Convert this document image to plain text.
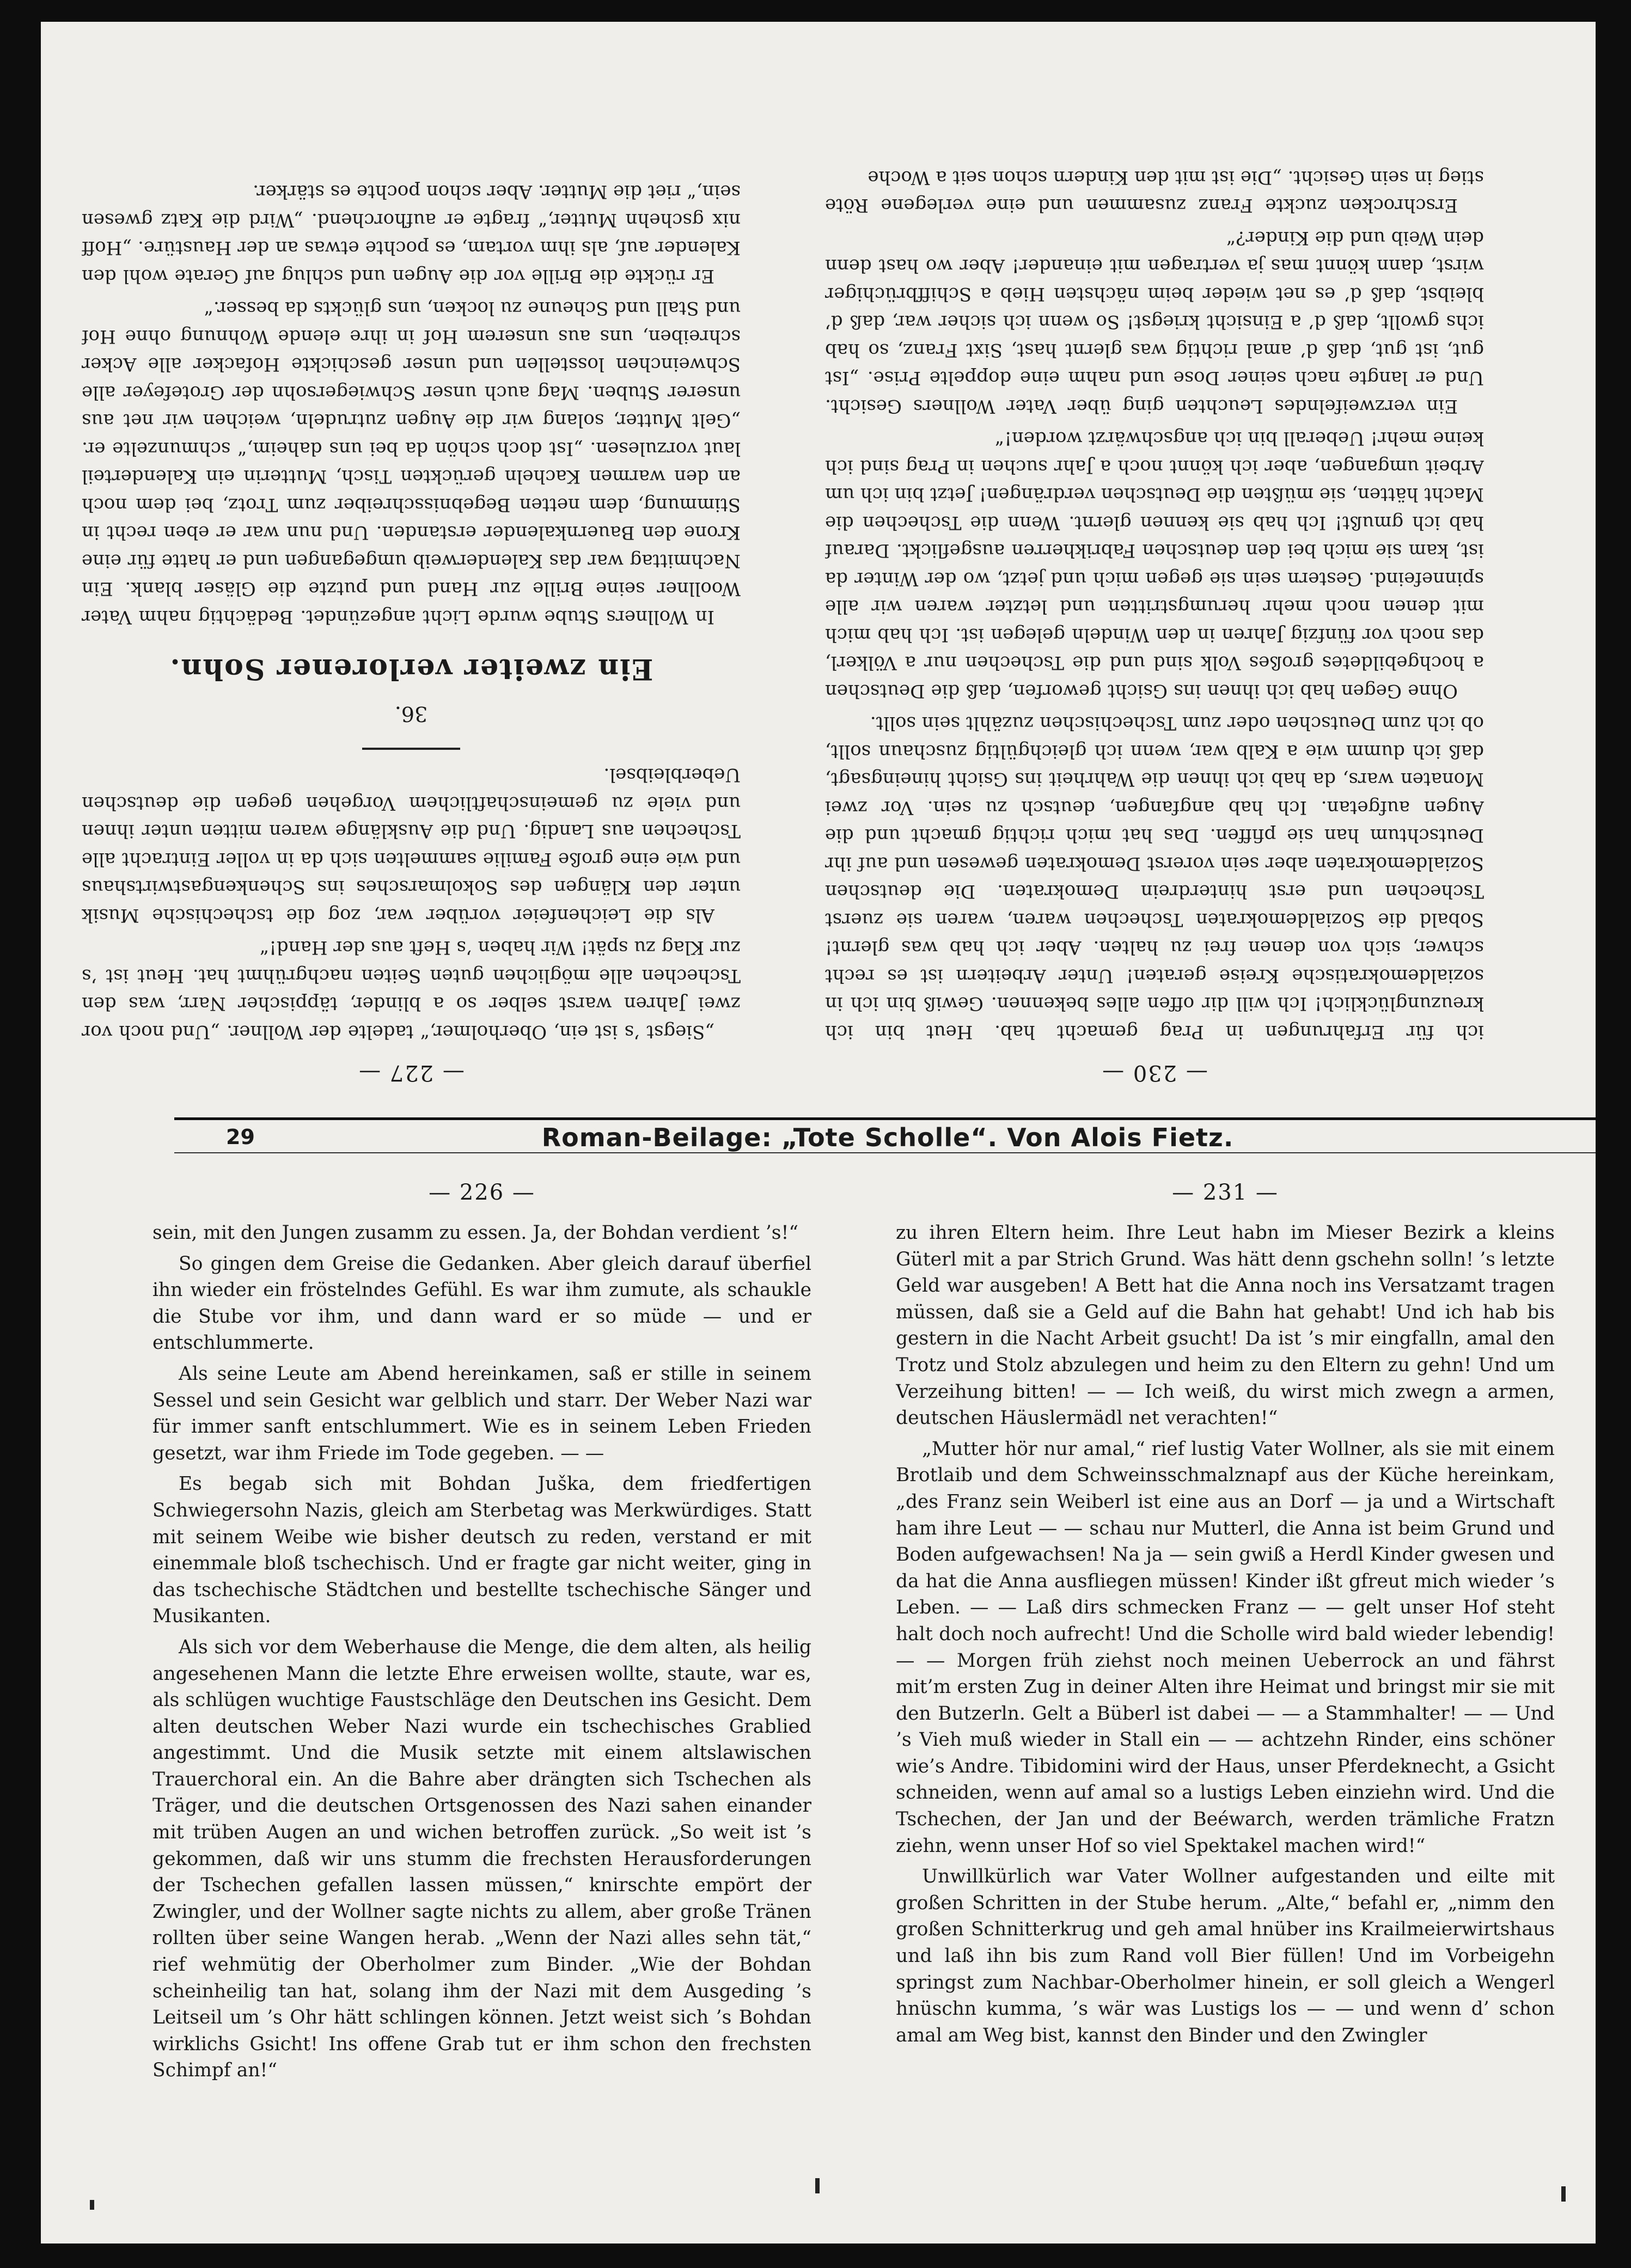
— 230 —

ich für Erfahrungen in Prag gemacht hab. Heut bin ich kreuzunglücklich! Ich will dir offen alles bekennen. Gewiß bin ich in sozialdemokratische Kreise geraten! Unter Arbeitern ist es recht schwer, sich von denen frei zu halten. Aber ich hab was glernt! Sobald die Sozialdemokraten Tschechen waren, waren sie zuerst Tschechen und erst hinterdrein Demokraten. Die deutschen Sozialdemokraten aber sein vorerst Demokraten gewesen und auf ihr Deutschtum han sie pfiffen. Das hat mich richtig gmacht und die Augen aufgetan. Ich hab angfangen, deutsch zu sein. Vor zwei Monaten wars, da hab ich ihnen die Wahrheit ins Gsicht hineingsagt, daß ich dumm wie a Kalb war, wenn ich gleichgültig zuschaun sollt, ob ich zum Deutschen oder zum Tschechischen zuzählt sein sollt.

Ohne Gegen hab ich ihnen ins Gsicht geworfen, daß die Deutschen a hochgebildetes großes Volk sind und die Tschechen nur a Völkerl, das noch vor fünfzig Jahren in den Windeln gelegen ist. Ich hab mich mit denen noch mehr herumgstritten und letzter waren wir alle spinnefeind. Gestern sein sie gegen mich und jetzt, wo der Winter da ist, kam sie mich bei den deutschen Fabrikherren ausgeflickt. Darauf hab ich gmußt! Ich hab sie kennen glernt. Wenn die Tschechen die Macht hätten, sie müßten die Deutschen verdrängen! Jetzt bin ich um Arbeit umgangen, aber ich könnt noch a Jahr suchen in Prag sind ich keine mehr! Ueberall bin ich angschwärzt worden!“

Ein verzweifelndes Leuchten ging über Vater Wollners Gesicht. Und er langte nach seiner Dose und nahm eine doppelte Prise. „Ist gut, ist gut, daß d’ amal richtig was glernt hast, Sixt Franz, so hab ichs gwollt, daß d’ a Einsicht kriegst! So wenn ich sicher war, daß d’ bleibst, daß d’ es net wieder beim nächsten Hieb a Schiffbrüchiger wirst, dann könnt mas ja vertragen mit einander! Aber wo hast denn dein Weib und die Kinder?“

Erschrocken zuckte Franz zusammen und eine verlegene Röte stieg in sein Gesicht. „Die ist mit den Kindern schon seit a Woche

— 227 —

„Siegst ’s ist ein, Oberholmer,“ tadelte der Wollner. „Und noch vor zwei Jahren warst selber so a blinder, täppischer Narr, was den Tschechen alle möglichen guten Seiten nachgrühmt hat. Heut ist ’s zur Klag zu spät! Wir haben ’s Heft aus der Hand!“

Als die Leichenfeier vorüber war, zog die tschechische Musik unter den Klängen des Sokolmarsches ins Schenkengastwirtshaus und wie eine große Familie sammelten sich da in voller Eintracht alle Tschechen aus Landig. Und die Ausklänge waren mitten unter ihnen und viele zu gemeinschaftlichem Vorgehen gegen die deutschen Ueberbleibsel.

36.
Ein zweiter verlorener Sohn.

In Wollners Stube wurde Licht angezündet. Bedächtig nahm Vater Woollner seine Brille zur Hand und putzte die Gläser blank. Ein Nachmittag war das Kalenderweib umgegangen und er hatte für eine Krone den Bauernkalender erstanden. Und nun war er eben recht in Stimmung, dem netten Begebnisschreiber zum Trotz, bei dem noch an den warmen Kacheln gerückten Tisch, Mutterin ein Kalenderteil laut vorzulesen. „Ist doch schön da bei uns daheim,“ schmunzelte er. „Gelt Mutter, solang wir die Augen zutrudeln, weichen wir net aus unserer Stuben. Mag auch unser Schwiegersohn der Grotefeyer alle Schweinchen losstellen und unser geschickte Hofacker alle Acker schreiben, uns aus unserem Hof in ihre elende Wohnung ohne Hof und Stall und Scheune zu locken, uns glückts da besser.“

Er rückte die Brille vor die Augen und schlug auf Gerate wohl den Kalender auf, als ihm vortam, es pochte etwas an der Haustüre. „Hoff nix gschehn Mutter,“ fragte er aufhorchend. „Wird die Katz gwesen sein,“ riet die Mutter. Aber schon pochte es stärker.

29	Roman-Beilage: „Tote Scholle“. Von Alois Fietz.
— 226 —

sein, mit den Jungen zusamm zu essen. Ja, der Bohdan verdient ’s!“

So gingen dem Greise die Gedanken. Aber gleich darauf überfiel ihn wieder ein fröstelndes Gefühl. Es war ihm zumute, als schaukle die Stube vor ihm, und dann ward er so müde — und er entschlummerte.

Als seine Leute am Abend hereinkamen, saß er stille in seinem Sessel und sein Gesicht war gelblich und starr. Der Weber Nazi war für immer sanft entschlummert. Wie es in seinem Leben Frieden gesetzt, war ihm Friede im Tode gegeben. — —

Es begab sich mit Bohdan Juška, dem friedfertigen Schwiegersohn Nazis, gleich am Sterbetag was Merkwürdiges. Statt mit seinem Weibe wie bisher deutsch zu reden, verstand er mit einemmale bloß tschechisch. Und er fragte gar nicht weiter, ging in das tschechische Städtchen und bestellte tschechische Sänger und Musikanten.

Als sich vor dem Weberhause die Menge, die dem alten, als heilig angesehenen Mann die letzte Ehre erweisen wollte, staute, war es, als schlügen wuchtige Faustschläge den Deutschen ins Gesicht. Dem alten deutschen Weber Nazi wurde ein tschechisches Grablied angestimmt. Und die Musik setzte mit einem altslawischen Trauerchoral ein. An die Bahre aber drängten sich Tschechen als Träger, und die deutschen Ortsgenossen des Nazi sahen einander mit trüben Augen an und wichen betroffen zurück. „So weit ist ’s gekommen, daß wir uns stumm die frechsten Herausforderungen der Tschechen gefallen lassen müssen,“ knirschte empört der Zwingler, und der Wollner sagte nichts zu allem, aber große Tränen rollten über seine Wangen herab. „Wenn der Nazi alles sehn tät,“ rief wehmütig der Oberholmer zum Binder. „Wie der Bohdan scheinheilig tan hat, solang ihm der Nazi mit dem Ausgeding ’s Leitseil um ’s Ohr hätt schlingen können. Jetzt weist sich ’s Bohdan wirklichs Gsicht! Ins offene Grab tut er ihm schon den frechsten Schimpf an!“

— 231 —

zu ihren Eltern heim. Ihre Leut habn im Mieser Bezirk a kleins Güterl mit a par Strich Grund. Was hätt denn gschehn solln! ’s letzte Geld war ausgeben! A Bett hat die Anna noch ins Versatzamt tragen müssen, daß sie a Geld auf die Bahn hat gehabt! Und ich hab bis gestern in die Nacht Arbeit gsucht! Da ist ’s mir eingfalln, amal den Trotz und Stolz abzulegen und heim zu den Eltern zu gehn! Und um Verzeihung bitten! — — Ich weiß, du wirst mich zwegn a armen, deutschen Häuslermädl net verachten!“

„Mutter hör nur amal,“ rief lustig Vater Wollner, als sie mit einem Brotlaib und dem Schweinsschmalznapf aus der Küche hereinkam, „des Franz sein Weiberl ist eine aus an Dorf — ja und a Wirtschaft ham ihre Leut — — schau nur Mutterl, die Anna ist beim Grund und Boden aufgewachsen! Na ja — sein gwiß a Herdl Kinder gwesen und da hat die Anna ausfliegen müssen! Kinder ißt gfreut mich wieder ’s Leben. — — Laß dirs schmecken Franz — — gelt unser Hof steht halt doch noch aufrecht! Und die Scholle wird bald wieder lebendig! — — Morgen früh ziehst noch meinen Ueberrock an und fährst mit’m ersten Zug in deiner Alten ihre Heimat und bringst mir sie mit den Butzerln. Gelt a Büberl ist dabei — — a Stammhalter! — — Und ’s Vieh muß wieder in Stall ein — — achtzehn Rinder, eins schöner wie’s Andre. Tibidomini wird der Haus, unser Pferdeknecht, a Gsicht schneiden, wenn auf amal so a lustigs Leben einziehn wird. Und die Tschechen, der Jan und der Beéwarch, werden trämliche Fratzn ziehn, wenn unser Hof so viel Spektakel machen wird!“

Unwillkürlich war Vater Wollner aufgestanden und eilte mit großen Schritten in der Stube herum. „Alte,“ befahl er, „nimm den großen Schnitterkrug und geh amal hnüber ins Krailmeierwirtshaus und laß ihn bis zum Rand voll Bier füllen! Und im Vorbeigehn springst zum Nachbar-Oberholmer hinein, er soll gleich a Wengerl hnüschn kumma, ’s wär was Lustigs los — — und wenn d’ schon amal am Weg bist, kannst den Binder und den Zwingler
